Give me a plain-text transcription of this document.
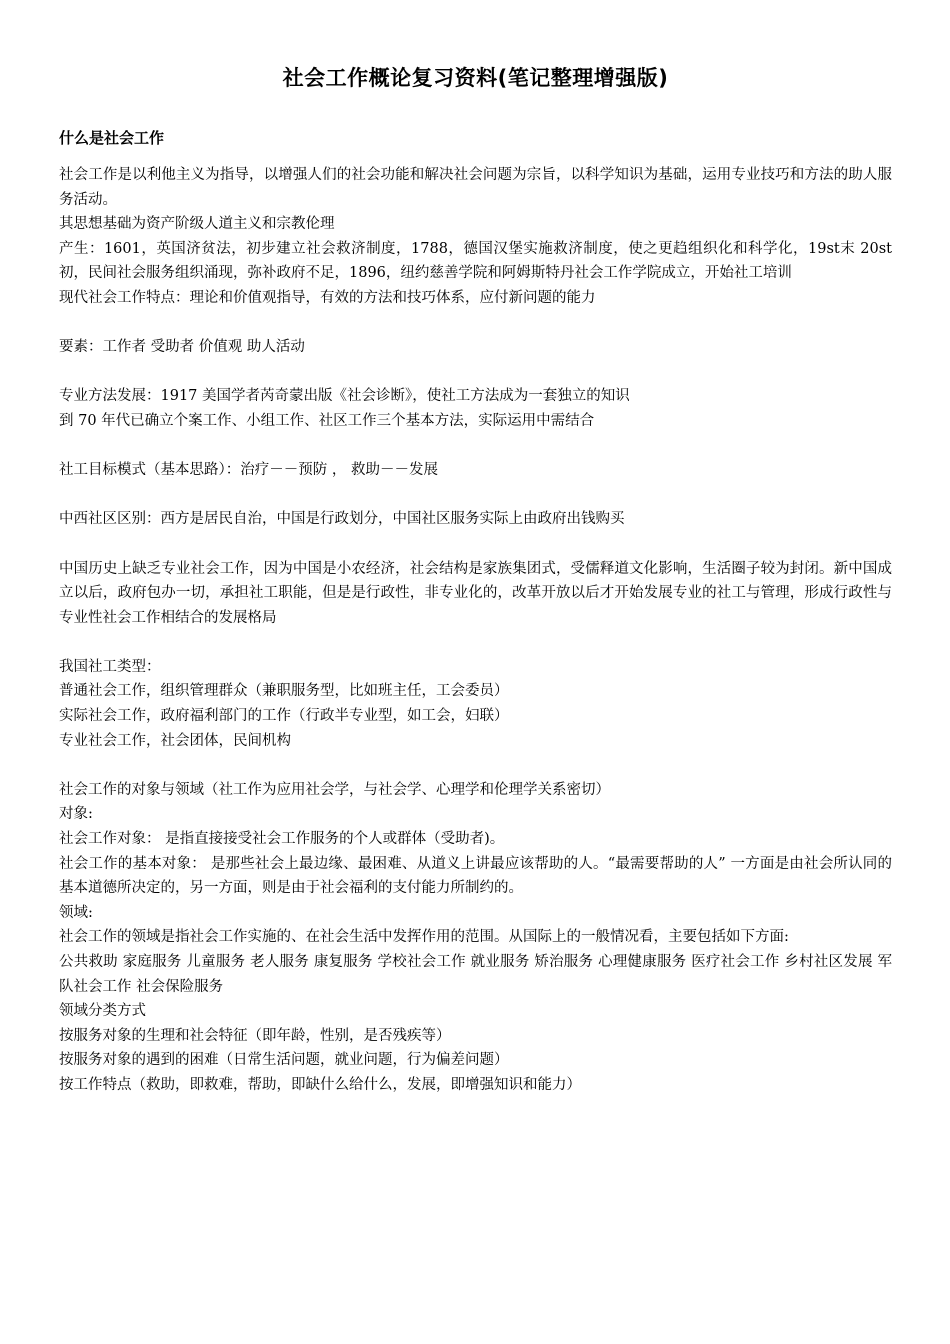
社会工作概论复习资料(笔记整理增强版)
什么是社会工作

社会工作是以利他主义为指导，以增强人们的社会功能和解决社会问题为宗旨，以科学知识为基础，运用专业技巧和方法的助人服务活动。

其思想基础为资产阶级人道主义和宗教伦理

产生：1601，英国济贫法，初步建立社会救济制度，1788，德国汉堡实施救济制度，使之更趋组织化和科学化，19st末 20st 初，民间社会服务组织涌现，弥补政府不足，1896，纽约慈善学院和阿姆斯特丹社会工作学院成立，开始社工培训

现代社会工作特点：理论和价值观指导，有效的方法和技巧体系，应付新问题的能力

要素：工作者 受助者 价值观 助人活动

专业方法发展：1917 美国学者芮奇蒙出版《社会诊断》，使社工方法成为一套独立的知识

到 70 年代已确立个案工作、小组工作、社区工作三个基本方法，实际运用中需结合

社工目标模式（基本思路）：治疗－－预防 ， 救助－－发展

中西社区区别：西方是居民自治，中国是行政划分，中国社区服务实际上由政府出钱购买

中国历史上缺乏专业社会工作，因为中国是小农经济，社会结构是家族集团式，受儒释道文化影响，生活圈子较为封闭。新中国成立以后，政府包办一切，承担社工职能，但是是行政性，非专业化的，改革开放以后才开始发展专业的社工与管理，形成行政性与专业性社会工作相结合的发展格局

我国社工类型：

普通社会工作，组织管理群众（兼职服务型，比如班主任，工会委员）

实际社会工作，政府福利部门的工作（行政半专业型，如工会，妇联）

专业社会工作，社会团体，民间机构

社会工作的对象与领域（社工作为应用社会学，与社会学、心理学和伦理学关系密切）

对象:

社会工作对象： 是指直接接受社会工作服务的个人或群体（受助者)。

社会工作的基本对象： 是那些社会上最边缘、最困难、从道义上讲最应该帮助的人。“最需要帮助的人” 一方面是由社会所认同的基本道德所决定的，另一方面，则是由于社会福利的支付能力所制约的。

领域:

社会工作的领域是指社会工作实施的、在社会生活中发挥作用的范围。从国际上的一般情况看，主要包括如下方面:

公共救助 家庭服务 儿童服务 老人服务 康复服务 学校社会工作 就业服务 矫治服务 心理健康服务 医疗社会工作 乡村社区发展 军队社会工作 社会保险服务

领域分类方式

按服务对象的生理和社会特征（即年龄，性别，是否残疾等）

按服务对象的遇到的困难（日常生活问题，就业问题，行为偏差问题）

按工作特点（救助，即救难，帮助，即缺什么给什么，发展，即增强知识和能力）
